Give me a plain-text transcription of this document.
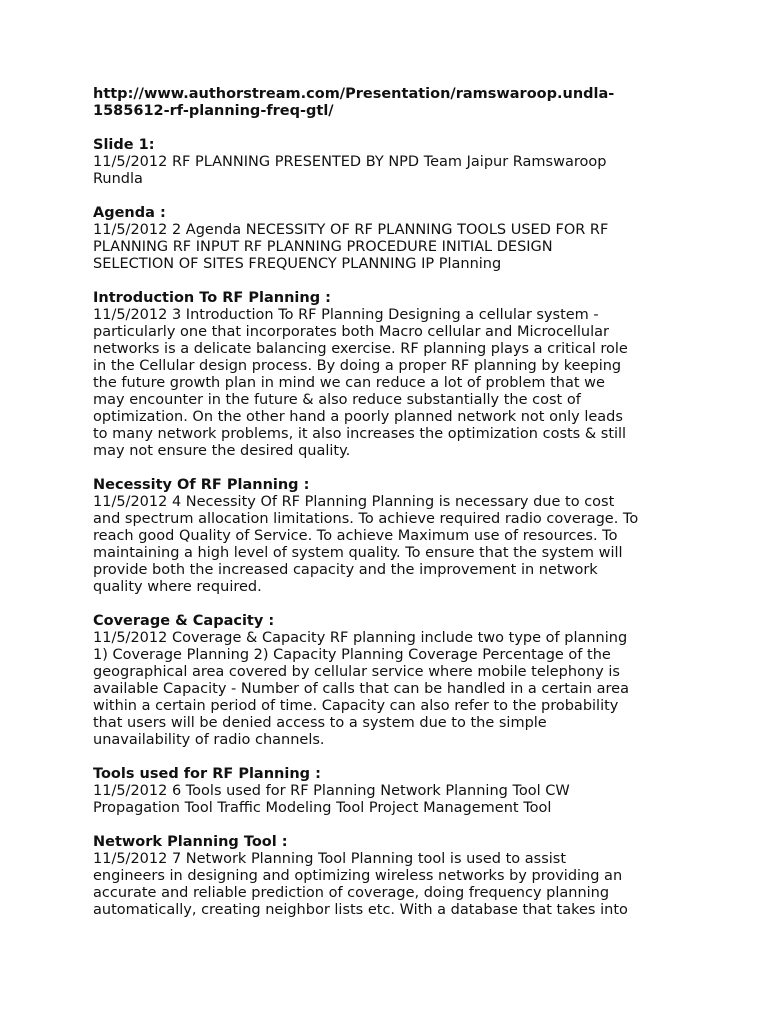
http://www.authorstream.com/Presentation/ramswaroop.undla-
1585612-rf-planning-freq-gtl/
Slide 1:
11/5/2012 RF PLANNING PRESENTED BY NPD Team Jaipur Ramswaroop
Rundla
Agenda :
11/5/2012 2 Agenda NECESSITY OF RF PLANNING TOOLS USED FOR RF
PLANNING RF INPUT RF PLANNING PROCEDURE INITIAL DESIGN
SELECTION OF SITES FREQUENCY PLANNING IP Planning
Introduction To RF Planning :
11/5/2012 3 Introduction To RF Planning Designing a cellular system -
particularly one that incorporates both Macro cellular and Microcellular
networks is a delicate balancing exercise. RF planning plays a critical role
in the Cellular design process. By doing a proper RF planning by keeping
the future growth plan in mind we can reduce a lot of problem that we
may encounter in the future & also reduce substantially the cost of
optimization. On the other hand a poorly planned network not only leads
to many network problems, it also increases the optimization costs & still
may not ensure the desired quality.
Necessity Of RF Planning :
11/5/2012 4 Necessity Of RF Planning Planning is necessary due to cost
and spectrum allocation limitations. To achieve required radio coverage. To
reach good Quality of Service. To achieve Maximum use of resources. To
maintaining a high level of system quality. To ensure that the system will
provide both the increased capacity and the improvement in network
quality where required.
Coverage & Capacity :
11/5/2012 Coverage & Capacity RF planning include two type of planning
1) Coverage Planning 2) Capacity Planning Coverage Percentage of the
geographical area covered by cellular service where mobile telephony is
available Capacity - Number of calls that can be handled in a certain area
within a certain period of time. Capacity can also refer to the probability
that users will be denied access to a system due to the simple
unavailability of radio channels.
Tools used for RF Planning :
11/5/2012 6 Tools used for RF Planning Network Planning Tool CW
Propagation Tool Traffic Modeling Tool Project Management Tool
Network Planning Tool :
11/5/2012 7 Network Planning Tool Planning tool is used to assist
engineers in designing and optimizing wireless networks by providing an
accurate and reliable prediction of coverage, doing frequency planning
automatically, creating neighbor lists etc. With a database that takes into
